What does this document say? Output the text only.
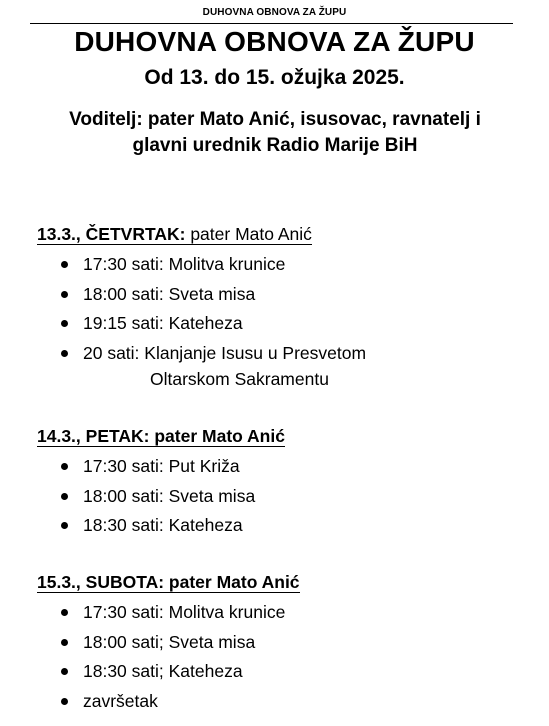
DUHOVNA OBNOVA ZA ŽUPU
DUHOVNA OBNOVA ZA ŽUPU
Od 13. do 15. ožujka 2025.
Voditelj: pater Mato Anić, isusovac, ravnatelj i
glavni urednik Radio Marije BiH
13.3., ČETVRTAK: pater Mato Anić
17:30 sati: Molitva krunice
18:00 sati: Sveta misa
19:15 sati: Kateheza
20 sati: Klanjanje Isusu u Presvetom
Oltarskom Sakramentu
14.3., PETAK: pater Mato Anić
17:30 sati: Put Križa
18:00 sati: Sveta misa
18:30 sati: Kateheza
15.3., SUBOTA: pater Mato Anić
17:30 sati: Molitva krunice
18:00 sati; Sveta misa
18:30 sati; Kateheza
završetak
